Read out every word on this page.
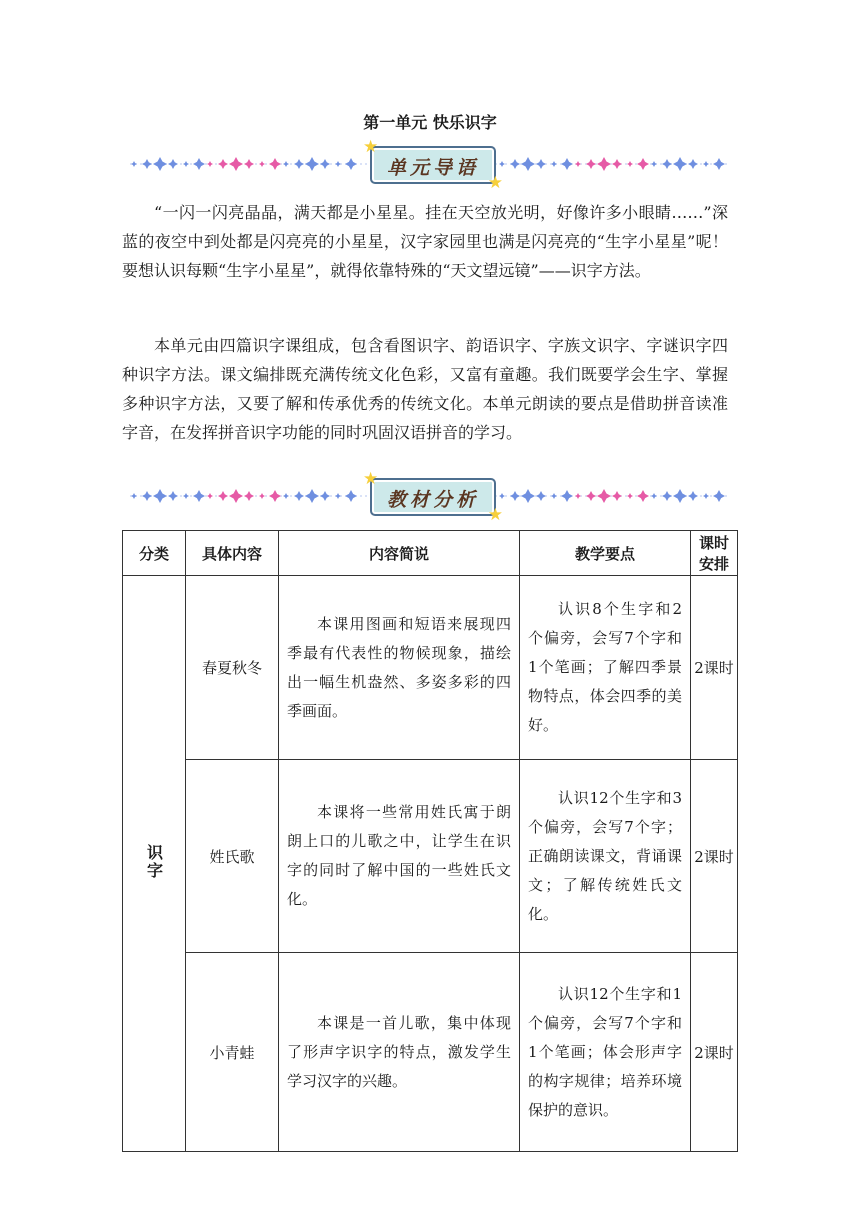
第一单元 快乐识字
★
单元导语
★

“一闪一闪亮晶晶，满天都是小星星。挂在天空放光明，好像许多小眼睛……”深蓝的夜空中到处都是闪亮亮的小星星，汉字家园里也满是闪亮亮的“生字小星星”呢！要想认识每颗“生字小星星”，就得依靠特殊的“天文望远镜”——识字方法。

本单元由四篇识字课组成，包含看图识字、韵语识字、字族文识字、字谜识字四种识字方法。课文编排既充满传统文化色彩，又富有童趣。我们既要学会生字、掌握多种识字方法，又要了解和传承优秀的传统文化。本单元朗读的要点是借助拼音读准字音，在发挥拼音识字功能的同时巩固汉语拼音的学习。

★
教材分析
★
分类	具体内容	内容简说	教学要点	课时安排
识字	春夏秋冬	本课用图画和短语来展现四季最有代表性的物候现象，描绘出一幅生机盎然、多姿多彩的四季画面。	认识8个生字和2个偏旁，会写7个字和1个笔画；了解四季景物特点，体会四季的美好。	2课时
	姓氏歌	本课将一些常用姓氏寓于朗朗上口的儿歌之中，让学生在识字的同时了解中国的一些姓氏文化。	认识12个生字和3个偏旁，会写7个字；正确朗读课文，背诵课文；了解传统姓氏文化。	2课时
	小青蛙	本课是一首儿歌，集中体现了形声字识字的特点，激发学生学习汉字的兴趣。	认识12个生字和1个偏旁，会写7个字和1个笔画；体会形声字的构字规律；培养环境保护的意识。	2课时
